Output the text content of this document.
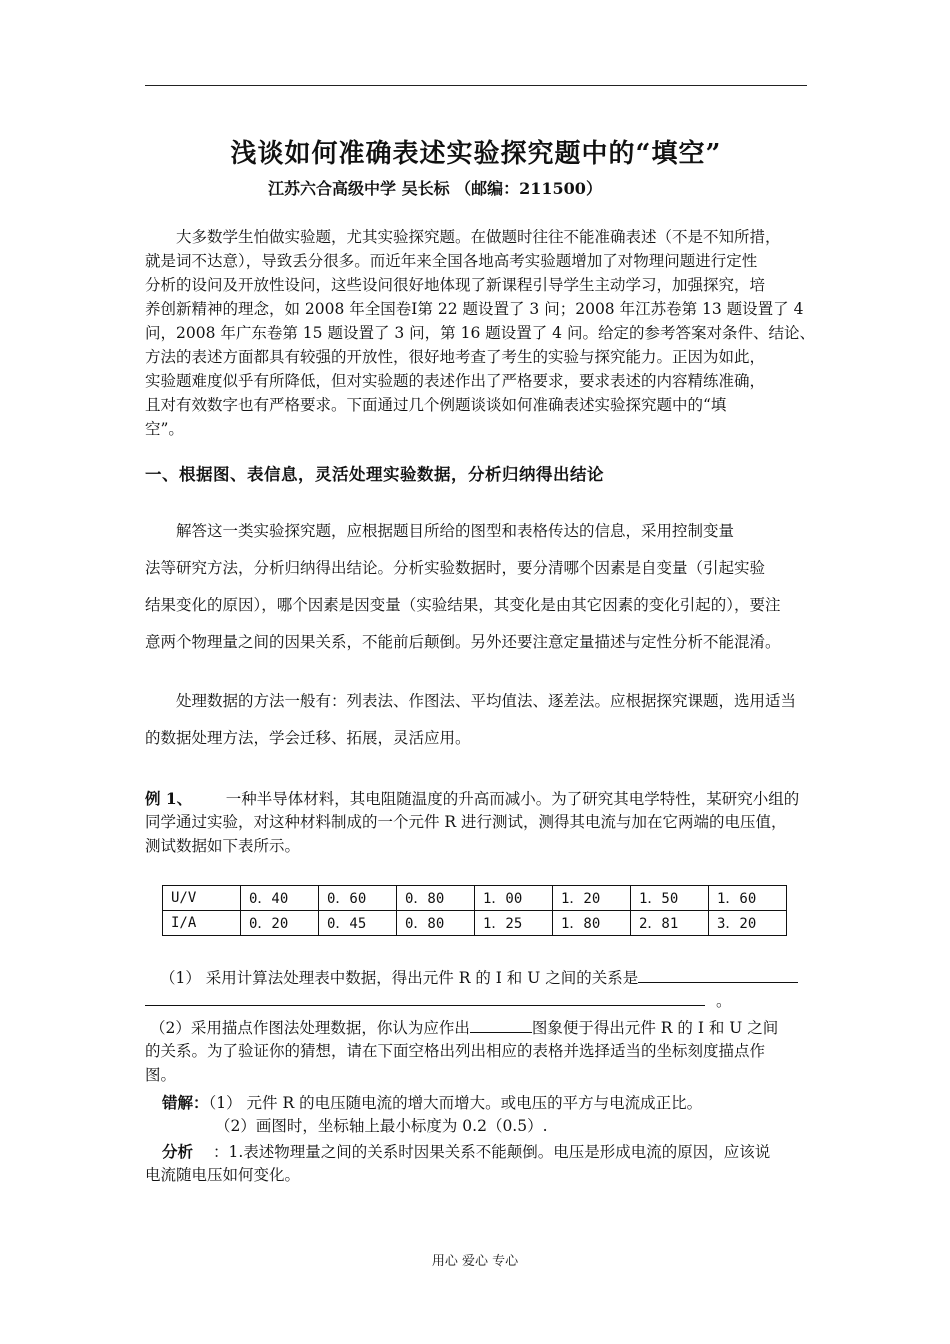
浅谈如何准确表述实验探究题中的“填空”
江苏六合高级中学 吴长标 （邮编：211500）
　　大多数学生怕做实验题，尤其实验探究题。在做题时往往不能准确表述（不是不知所措，
就是词不达意），导致丢分很多。而近年来全国各地高考实验题增加了对物理问题进行定性
分析的设问及开放性设问，这些设问很好地体现了新课程引导学生主动学习，加强探究，培
养创新精神的理念，如 2008 年全国卷Ⅰ第 22 题设置了 3 问；2008 年江苏卷第 13 题设置了 4
问，2008 年广东卷第 15 题设置了 3 问，第 16 题设置了 4 问。给定的参考答案对条件、结论、
方法的表述方面都具有较强的开放性，很好地考查了考生的实验与探究能力。正因为如此，
实验题难度似乎有所降低，但对实验题的表述作出了严格要求，要求表述的内容精练准确，
且对有效数字也有严格要求。下面通过几个例题谈谈如何准确表述实验探究题中的“填
空”。
一、根据图、表信息，灵活处理实验数据，分析归纳得出结论
　　解答这一类实验探究题，应根据题目所给的图型和表格传达的信息，采用控制变量
法等研究方法，分析归纳得出结论。分析实验数据时，要分清哪个因素是自变量（引起实验
结果变化的原因），哪个因素是因变量（实验结果，其变化是由其它因素的变化引起的），要注
意两个物理量之间的因果关系，不能前后颠倒。另外还要注意定量描述与定性分析不能混淆。
　　处理数据的方法一般有：列表法、作图法、平均值法、逐差法。应根据探究课题，选用适当
的数据处理方法，学会迁移、拓展，灵活应用。
例 1、　一种半导体材料，其电阻随温度的升高而减小。为了研究其电学特性，某研究小组的
同学通过实验，对这种材料制成的一个元件 R 进行测试，测得其电流与加在它两端的电压值，
测试数据如下表所示。
U/V	0．40	0．60	0．80	1．00	1．20	1．50	1．60
I/A	0．20	0．45	0．80	1．25	1．80	2．81	3．20
（1） 采用计算法处理表中数据，得出元件 R 的 I 和 U 之间的关系是
。
（2）采用描点作图法处理数据，你认为应作出	图象便于得出元件 R 的 I 和 U 之间
的关系。为了验证你的猜想，请在下面空格出列出相应的表格并选择适当的坐标刻度描点作
图。
错解：（1） 元件 R 的电压随电流的增大而增大。或电压的平方与电流成正比。
（2）画图时，坐标轴上最小标度为 0.2（0.5）.
分析 ：1.表述物理量之间的关系时因果关系不能颠倒。电压是形成电流的原因，应该说
电流随电压如何变化。
用心 爱心 专心
